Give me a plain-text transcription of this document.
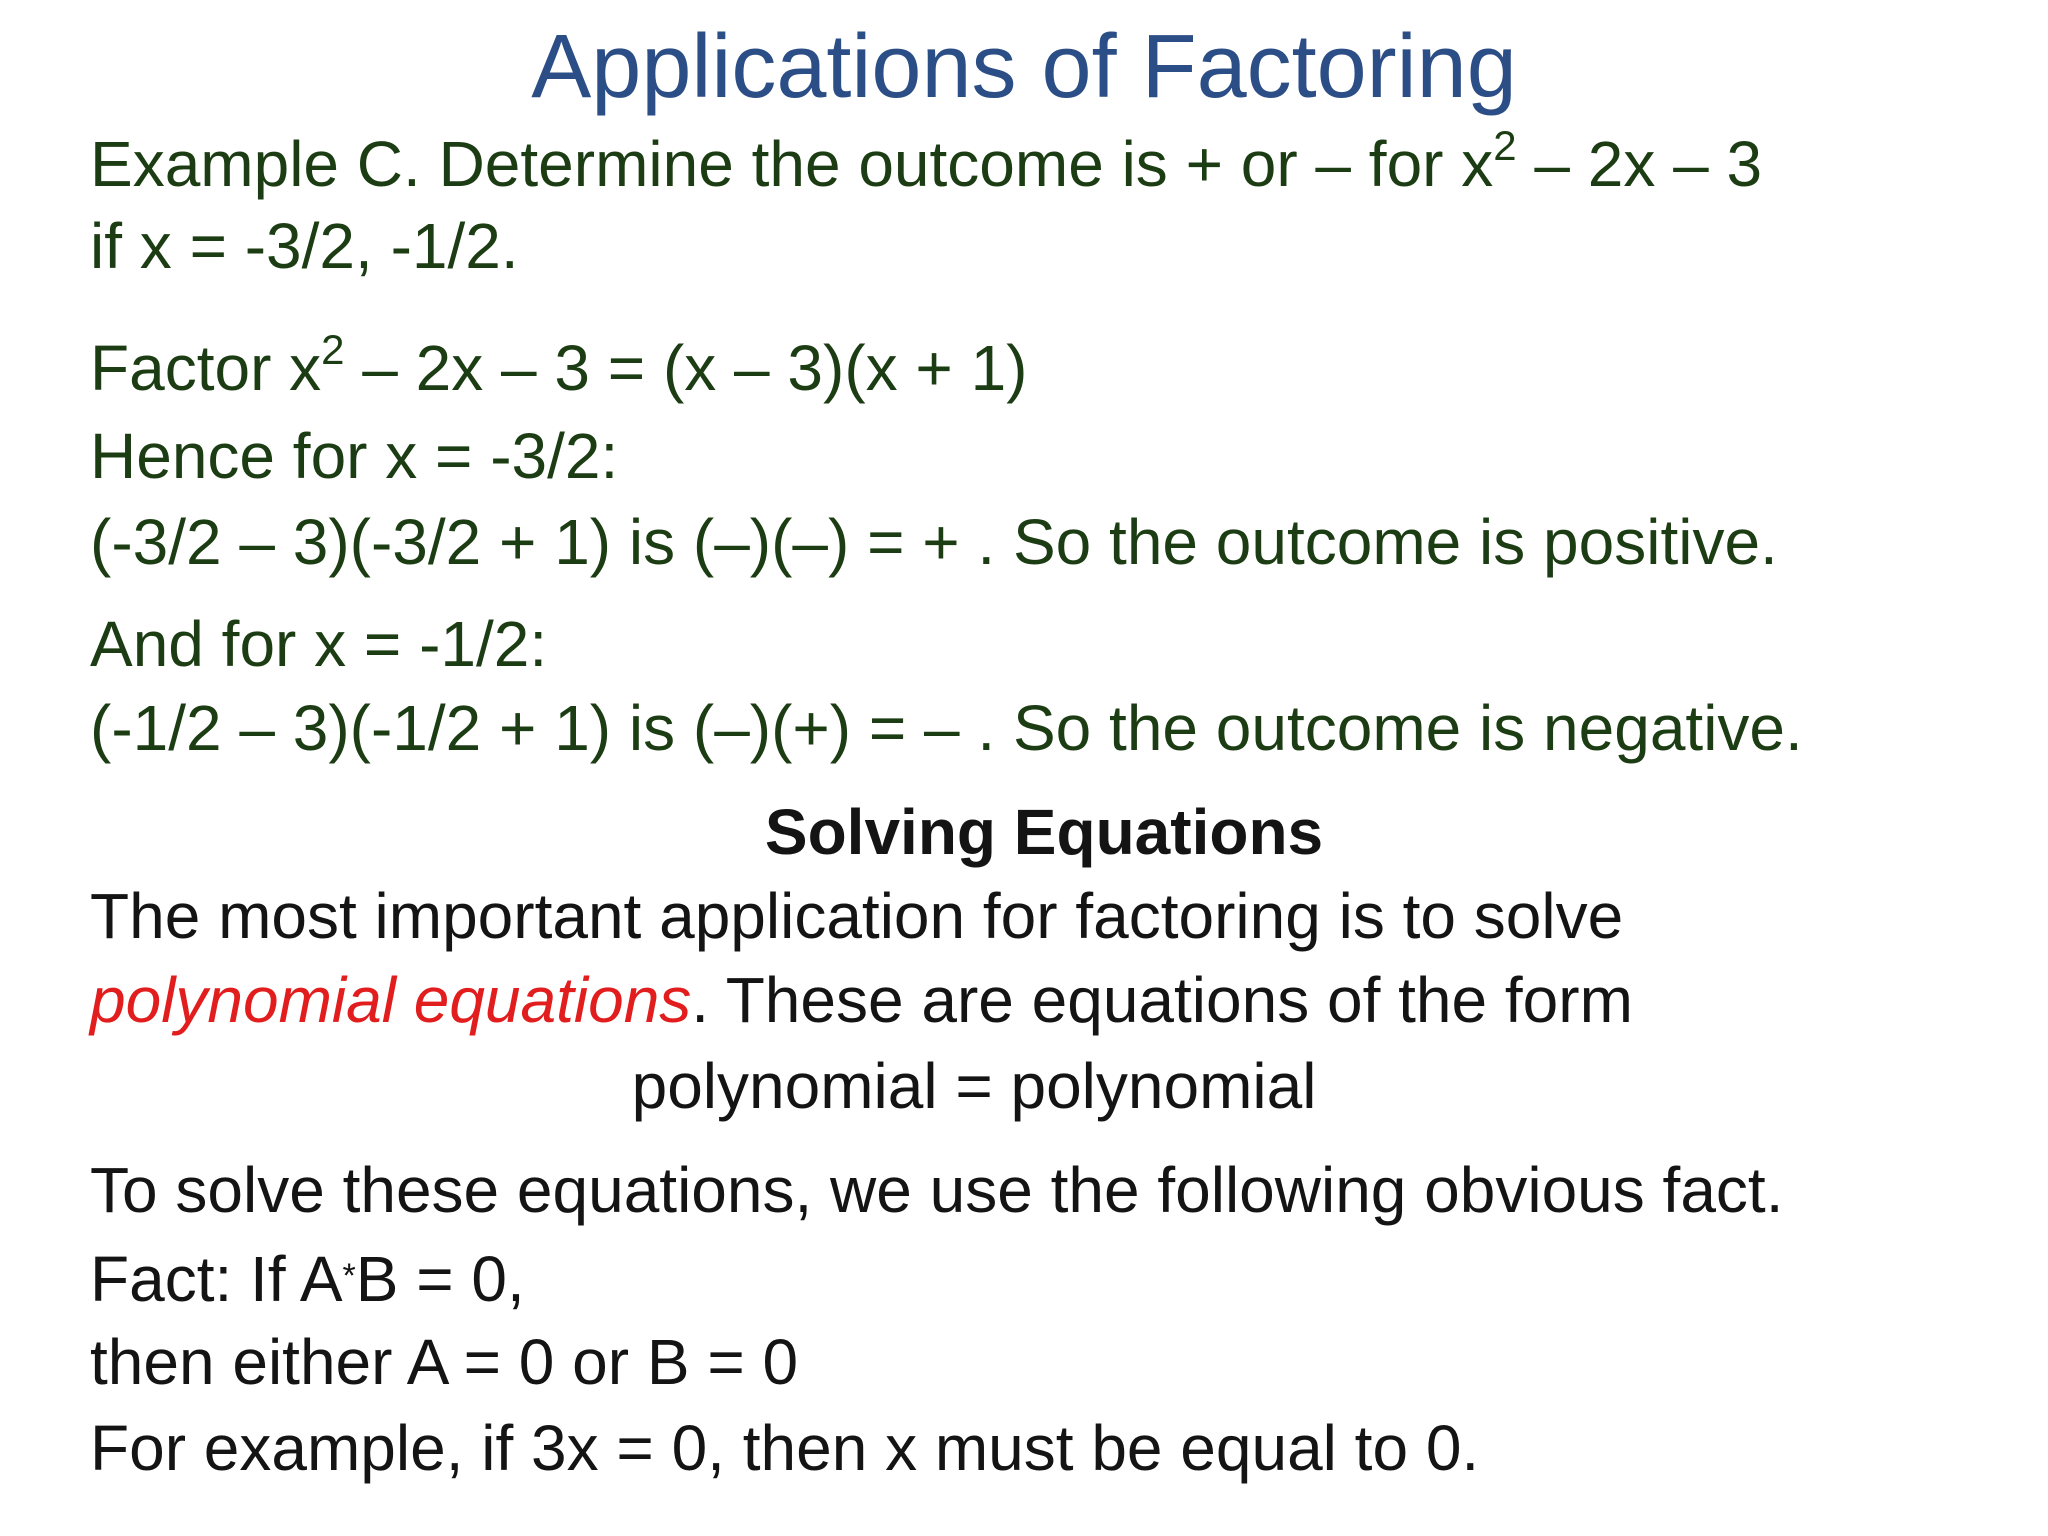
Applications of Factoring

Example C. Determine the outcome is + or – for $x^2 - 2x - 3$

if x = -3/2, -1/2.

Factor $x^2 - 2x - 3 = (x - 3)(x + 1)$

Hence for x = -3/2:

(-3/2 – 3)(-3/2 + 1) is (–)(–) = + . So the outcome is positive.

And for x = -1/2:

(-1/2 – 3)(-1/2 + 1) is (–)(+) = – . So the outcome is negative.

Solving Equations

The most important application for factoring is to solve

polynomial equations. These are equations of the form

polynomial = polynomial

To solve these equations, we use the following obvious fact.

Fact: If A*B = 0,

then either A = 0 or B = 0

For example, if 3x = 0, then x must be equal to 0.
